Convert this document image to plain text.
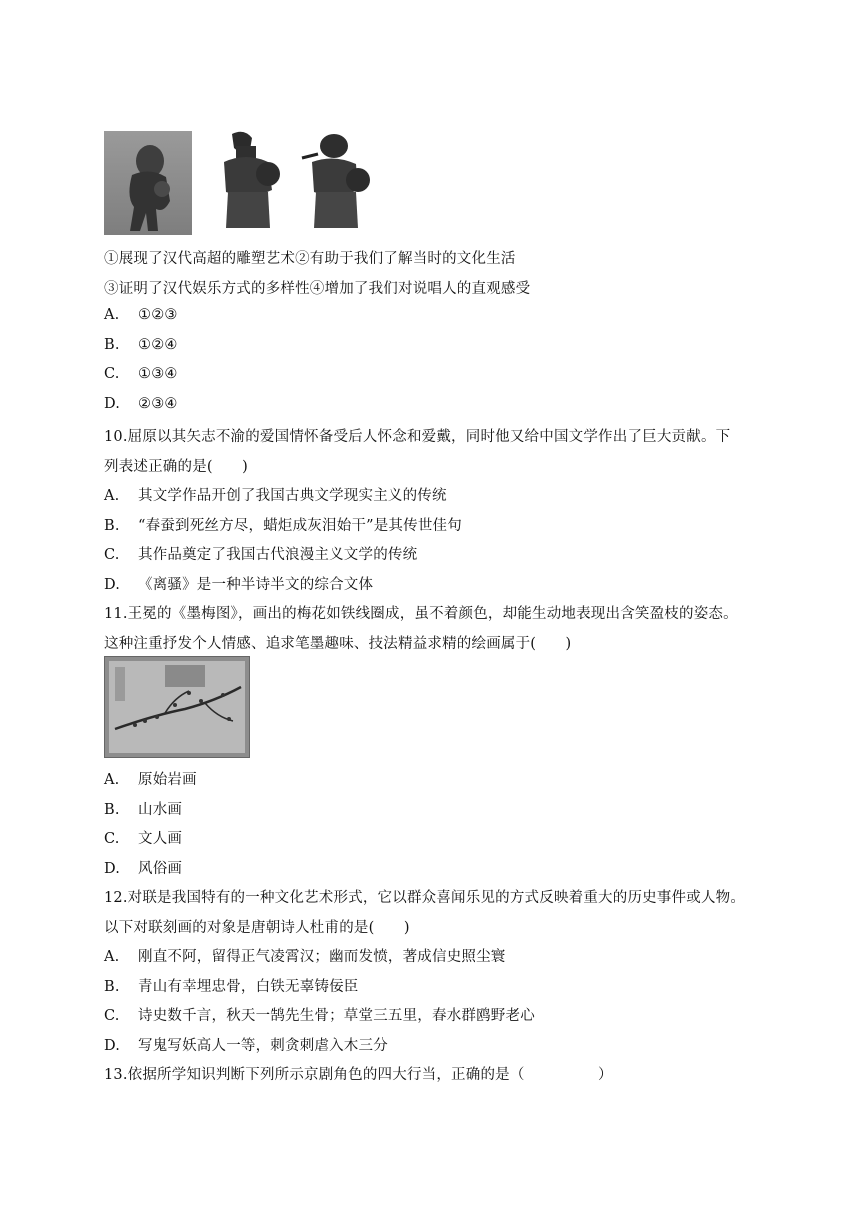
①展现了汉代高超的雕塑艺术②有助于我们了解当时的文化生活
③证明了汉代娱乐方式的多样性④增加了我们对说唱人的直观感受
A. ①②③
B. ①②④
C. ①③④
D. ②③④
10.屈原以其矢志不渝的爱国情怀备受后人怀念和爱戴，同时他又给中国文学作出了巨大贡献。下
列表述正确的是(　　)
A. 其文学作品开创了我国古典文学现实主义的传统
B. “春蚕到死丝方尽，蜡炬成灰泪始干”是其传世佳句
C. 其作品奠定了我国古代浪漫主义文学的传统
D. 《离骚》是一种半诗半文的综合文体
11.王冕的《墨梅图》，画出的梅花如铁线圈成，虽不着颜色，却能生动地表现出含笑盈枝的姿态。
这种注重抒发个人情感、追求笔墨趣味、技法精益求精的绘画属于(　　)
A. 原始岩画
B. 山水画
C. 文人画
D. 风俗画
12.对联是我国特有的一种文化艺术形式，它以群众喜闻乐见的方式反映着重大的历史事件或人物。
以下对联刻画的对象是唐朝诗人杜甫的是(　　)
A. 刚直不阿，留得正气凌霄汉；幽而发愤，著成信史照尘寰
B. 青山有幸埋忠骨，白铁无辜铸佞臣
C. 诗史数千言，秋天一鹄先生骨；草堂三五里，春水群鸥野老心
D. 写鬼写妖高人一等，刺贪刺虐入木三分
13.依据所学知识判断下列所示京剧角色的四大行当，正确的是（　　　　　）
